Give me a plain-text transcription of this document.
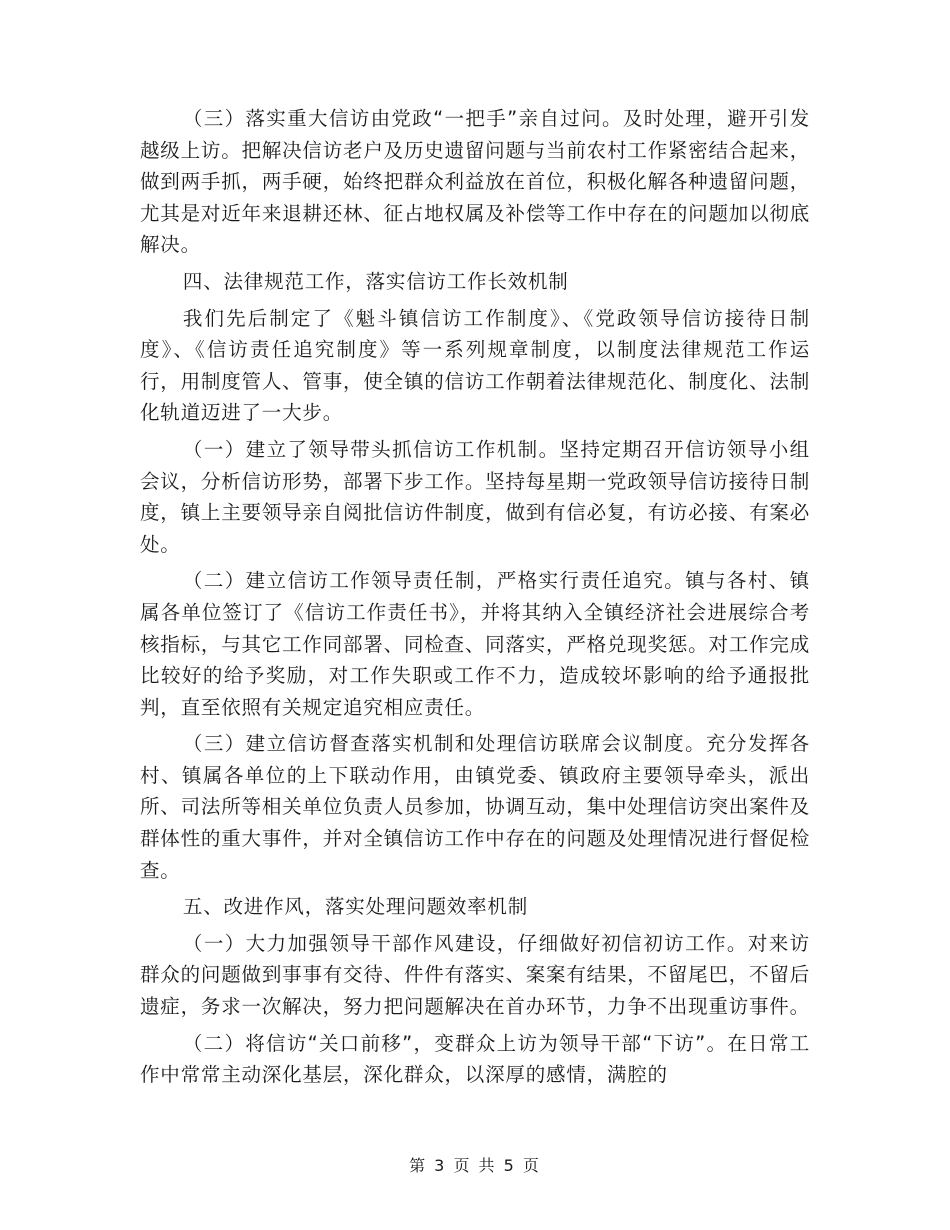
（三）落实重大信访由党政“一把手”亲自过问。及时处理，避开引发越级上访。把解决信访老户及历史遗留问题与当前农村工作紧密结合起来，做到两手抓，两手硬，始终把群众利益放在首位，积极化解各种遗留问题，尤其是对近年来退耕还林、征占地权属及补偿等工作中存在的问题加以彻底解决。

四、法律规范工作，落实信访工作长效机制

我们先后制定了《魁斗镇信访工作制度》、《党政领导信访接待日制度》、《信访责任追究制度》等一系列规章制度，以制度法律规范工作运行，用制度管人、管事，使全镇的信访工作朝着法律规范化、制度化、法制化轨道迈进了一大步。

（一）建立了领导带头抓信访工作机制。坚持定期召开信访领导小组会议，分析信访形势，部署下步工作。坚持每星期一党政领导信访接待日制度，镇上主要领导亲自阅批信访件制度，做到有信必复，有访必接、有案必处。

（二）建立信访工作领导责任制，严格实行责任追究。镇与各村、镇属各单位签订了《信访工作责任书》，并将其纳入全镇经济社会进展综合考核指标，与其它工作同部署、同检查、同落实，严格兑现奖惩。对工作完成比较好的给予奖励，对工作失职或工作不力，造成较坏影响的给予通报批判，直至依照有关规定追究相应责任。

（三）建立信访督查落实机制和处理信访联席会议制度。充分发挥各村、镇属各单位的上下联动作用，由镇党委、镇政府主要领导牵头，派出所、司法所等相关单位负责人员参加，协调互动，集中处理信访突出案件及群体性的重大事件，并对全镇信访工作中存在的问题及处理情况进行督促检查。

五、改进作风，落实处理问题效率机制

（一）大力加强领导干部作风建设，仔细做好初信初访工作。对来访群众的问题做到事事有交待、件件有落实、案案有结果，不留尾巴，不留后遗症，务求一次解决，努力把问题解决在首办环节，力争不出现重访事件。

（二）将信访“关口前移”，变群众上访为领导干部“下访”。在日常工作中常常主动深化基层，深化群众，以深厚的感情，满腔的

第 3 页 共 5 页
